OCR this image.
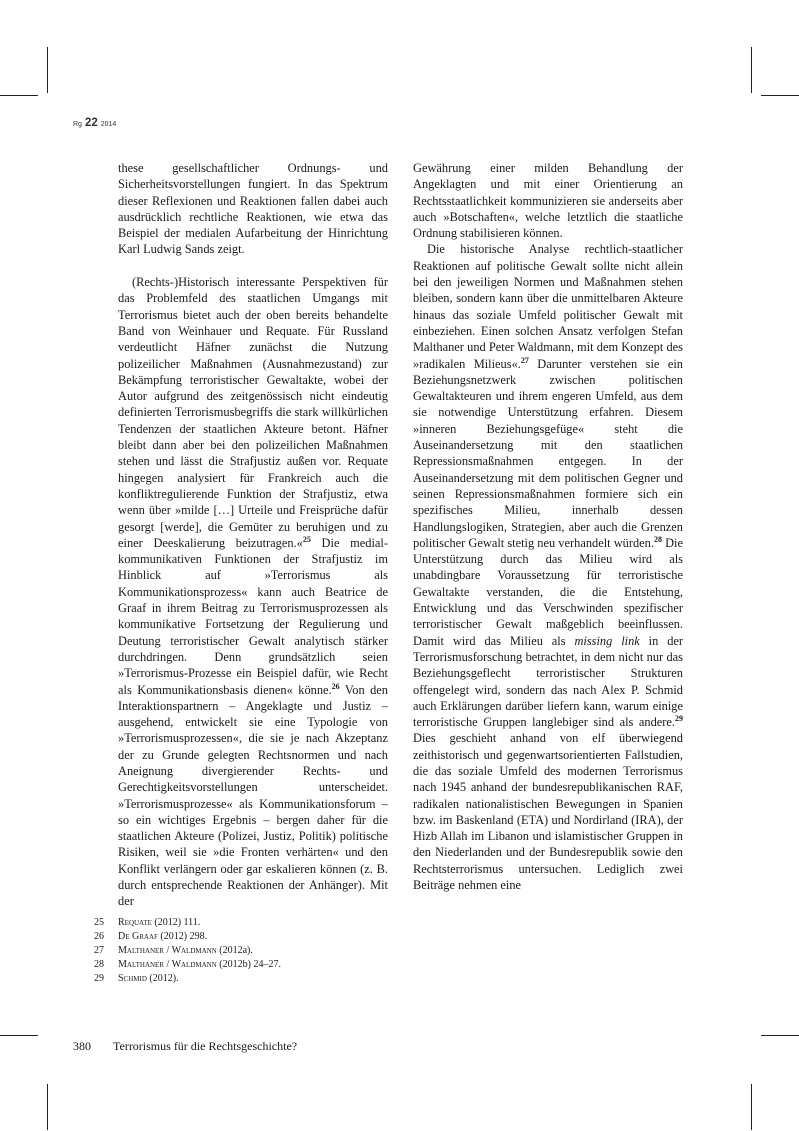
Rg 22 2014

these gesellschaftlicher Ordnungs- und Sicherheitsvorstellungen fungiert. In das Spektrum dieser Reflexionen und Reaktionen fallen dabei auch ausdrücklich rechtliche Reaktionen, wie etwa das Beispiel der medialen Aufarbeitung der Hinrichtung Karl Ludwig Sands zeigt.

(Rechts-)Historisch interessante Perspektiven für das Problemfeld des staatlichen Umgangs mit Terrorismus bietet auch der oben bereits behandelte Band von Weinhauer und Requate. Für Russland verdeutlicht Häfner zunächst die Nutzung polizeilicher Maßnahmen (Ausnahmezustand) zur Bekämpfung terroristischer Gewaltakte, wobei der Autor aufgrund des zeitgenössisch nicht eindeutig definierten Terrorismusbegriffs die stark willkürlichen Tendenzen der staatlichen Akteure betont. Häfner bleibt dann aber bei den polizeilichen Maßnahmen stehen und lässt die Strafjustiz außen vor. Requate hingegen analysiert für Frankreich auch die konfliktregulierende Funktion der Strafjustiz, etwa wenn über »milde […] Urteile und Freisprüche dafür gesorgt [werde], die Gemüter zu beruhigen und zu einer Deeskalierung beizutragen.«$^{25}$ Die medial-kommunikativen Funktionen der Strafjustiz im Hinblick auf »Terrorismus als Kommunikationsprozess« kann auch Beatrice de Graaf in ihrem Beitrag zu Terrorismusprozessen als kommunikative Fortsetzung der Regulierung und Deutung terroristischer Gewalt analytisch stärker durchdringen. Denn grundsätzlich seien »Terrorismus-Prozesse ein Beispiel dafür, wie Recht als Kommunikationsbasis dienen« könne.$^{26}$ Von den Interaktionspartnern – Angeklagte und Justiz – ausgehend, entwickelt sie eine Typologie von »Terrorismusprozessen«, die sie je nach Akzeptanz der zu Grunde gelegten Rechtsnormen und nach Aneignung divergierender Rechts- und Gerechtigkeitsvorstellungen unterscheidet. »Terrorismusprozesse« als Kommunikationsforum – so ein wichtiges Ergebnis – bergen daher für die staatlichen Akteure (Polizei, Justiz, Politik) politische Risiken, weil sie »die Fronten verhärten« und den Konflikt verlängern oder gar eskalieren können (z. B. durch entsprechende Reaktionen der Anhänger). Mit der

Gewährung einer milden Behandlung der Angeklagten und mit einer Orientierung an Rechtsstaatlichkeit kommunizieren sie anderseits aber auch »Botschaften«, welche letztlich die staatliche Ordnung stabilisieren können.

Die historische Analyse rechtlich-staatlicher Reaktionen auf politische Gewalt sollte nicht allein bei den jeweiligen Normen und Maßnahmen stehen bleiben, sondern kann über die unmittelbaren Akteure hinaus das soziale Umfeld politischer Gewalt mit einbeziehen. Einen solchen Ansatz verfolgen Stefan Malthaner und Peter Waldmann, mit dem Konzept des »radikalen Milieus«.$^{27}$ Darunter verstehen sie ein Beziehungsnetzwerk zwischen politischen Gewaltakteuren und ihrem engeren Umfeld, aus dem sie notwendige Unterstützung erfahren. Diesem »inneren Beziehungsgefüge« steht die Auseinandersetzung mit den staatlichen Repressionsmaßnahmen entgegen. In der Auseinandersetzung mit dem politischen Gegner und seinen Repressionsmaßnahmen formiere sich ein spezifisches Milieu, innerhalb dessen Handlungslogiken, Strategien, aber auch die Grenzen politischer Gewalt stetig neu verhandelt würden.$^{28}$ Die Unterstützung durch das Milieu wird als unabdingbare Voraussetzung für terroristische Gewaltakte verstanden, die die Entstehung, Entwicklung und das Verschwinden spezifischer terroristischer Gewalt maßgeblich beeinflussen. Damit wird das Milieu als missing link in der Terrorismusforschung betrachtet, in dem nicht nur das Beziehungsgeflecht terroristischer Strukturen offengelegt wird, sondern das nach Alex P. Schmid auch Erklärungen darüber liefern kann, warum einige terroristische Gruppen langlebiger sind als andere.$^{29}$ Dies geschieht anhand von elf überwiegend zeithistorisch und gegenwartsorientierten Fallstudien, die das soziale Umfeld des modernen Terrorismus nach 1945 anhand der bundesrepublikanischen RAF, radikalen nationalistischen Bewegungen in Spanien bzw. im Baskenland (ETA) und Nordirland (IRA), der Hizb Allah im Libanon und islamistischer Gruppen in den Niederlanden und der Bundesrepublik sowie den Rechtsterrorismus untersuchen. Lediglich zwei Beiträge nehmen eine

25	Requate (2012) 111.
26	De Graaf (2012) 298.
27	Malthaner / Waldmann (2012a).
28	Malthaner / Waldmann (2012b) 24–27.
29	Schmid (2012).
380 Terrorismus für die Rechtsgeschichte?
